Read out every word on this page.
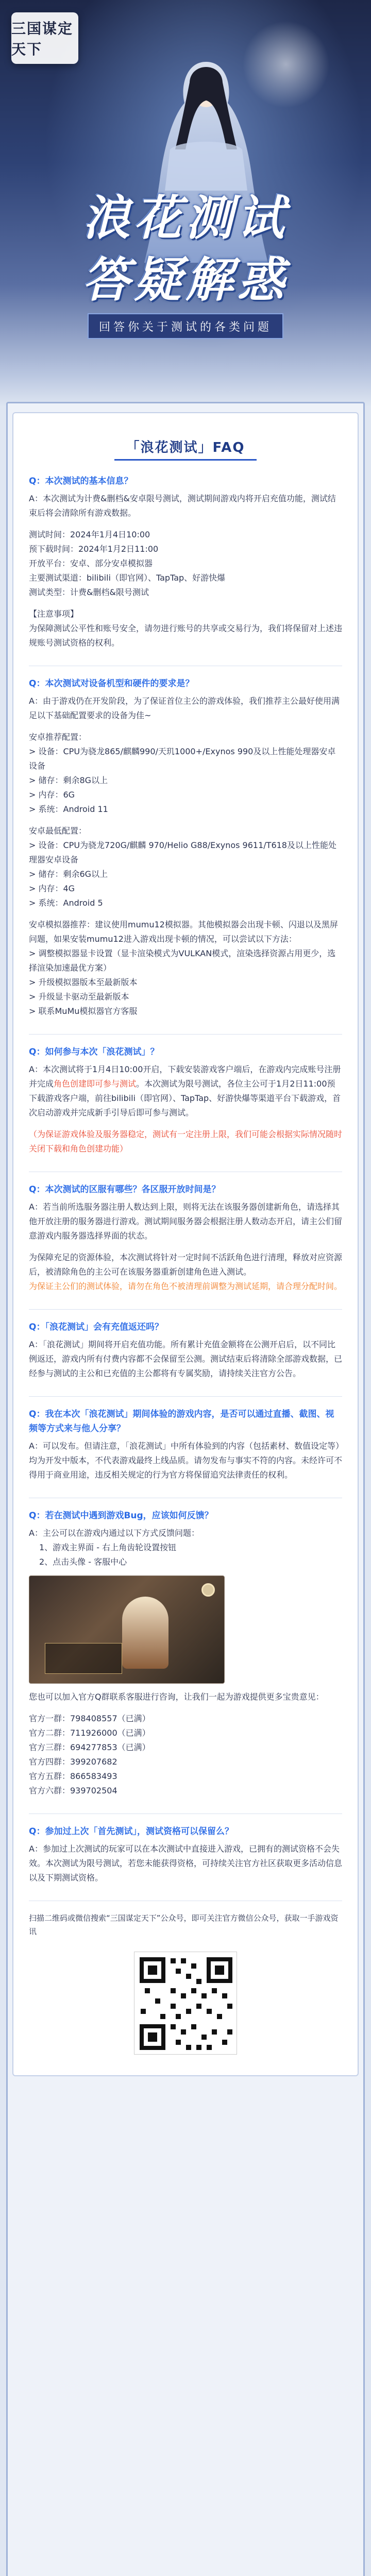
三国谋定天下
浪花测试
答疑解惑
回答你关于测试的各类问题
「浪花测试」FAQ
Q：本次测试的基本信息？
A：本次测试为计费&删档&安卓限号测试，测试期间游戏内将开启充值功能，测试结束后将会清除所有游戏数据。
测试时间：2024年1月4日10:00
预下载时间：2024年1月2日11:00
开放平台：安卓、部分安卓模拟器
主要测试渠道：bilibili（即官网）、TapTap、好游快爆
测试类型：计费&删档&限号测试
【注意事项】
为保障测试公平性和账号安全，请勿进行账号的共享或交易行为，我们将保留对上述违规账号测试资格的权利。
Q：本次测试对设备机型和硬件的要求是？
A：由于游戏仍在开发阶段，为了保证首位主公的游戏体验，我们推荐主公最好使用满足以下基础配置要求的设备为佳~
安卓推荐配置：
> 设备：CPU为骁龙865/麒麟990/天玑1000+/Exynos 990及以上性能处理器安卓设备
> 储存：剩余8G以上
> 内存：6G
> 系统：Android 11
安卓最低配置：
> 设备：CPU为骁龙720G/麒麟 970/Helio G88/Exynos 9611/T618及以上性能处理器安卓设备
> 储存：剩余6G以上
> 内存：4G
> 系统：Android 5
安卓模拟器推荐：建议使用mumu12模拟器。其他模拟器会出现卡顿、闪退以及黑屏问题，如果安装mumu12进入游戏出现卡顿的情况，可以尝试以下方法：
> 调整模拟器显卡设置（显卡渲染模式为VULKAN模式，渲染选择资源占用更少，选择渲染加速最优方案）
> 升级模拟器版本至最新版本
> 升级显卡驱动至最新版本
> 联系MuMu模拟器官方客服
Q：如何参与本次「浪花测试」？
A：本次测试将于1月4日10:00开启，下载安装游戏客户端后，在游戏内完成账号注册并完成角色创建即可参与测试。本次测试为限号测试，各位主公可于1月2日11:00预下载游戏客户端，前往bilibili（即官网）、TapTap、好游快爆等渠道平台下载游戏，首次启动游戏并完成新手引导后即可参与测试。
（为保证游戏体验及服务器稳定，测试有一定注册上限，我们可能会根据实际情况随时关闭下载和角色创建功能）
Q：本次测试的区服有哪些？各区服开放时间是？
A：若当前所选服务器注册人数达到上限，则将无法在该服务器创建新角色，请选择其他开放注册的服务器进行游戏。测试期间服务器会根据注册人数动态开启，请主公们留意游戏内服务器选择界面的状态。
为保障充足的资源体验，本次测试将针对一定时间不活跃角色进行清理，释放对应资源后，被清除角色的主公可在该服务器重新创建角色进入测试。
为保证主公们的测试体验，请勿在角色不被清理前调整为测试延期，请合理分配时间。
Q：「浪花测试」会有充值返还吗？
A：「浪花测试」期间将开启充值功能。所有累计充值金额将在公测开启后，以不同比例返还，游戏内所有付费内容都不会保留至公测。测试结束后将清除全部游戏数据，已经参与测试的主公和已充值的主公都将有专属奖励，请持续关注官方公告。
Q：我在本次「浪花测试」期间体验的游戏内容，是否可以通过直播、截图、视频等方式来与他人分享？
A：可以发布。但请注意，「浪花测试」中所有体验到的内容（包括素材、数值设定等）均为开发中版本，不代表游戏最终上线品质。请勿发布与事实不符的内容。未经许可不得用于商业用途，违反相关规定的行为官方将保留追究法律责任的权利。
Q：若在测试中遇到游戏Bug，应该如何反馈？
A：主公可以在游戏内通过以下方式反馈问题：
1、游戏主界面 - 右上角齿轮设置按钮
2、点击头像 - 客服中心
您也可以加入官方Q群联系客服进行咨询，让我们一起为游戏提供更多宝贵意见：
官方一群：798408557（已满）
官方二群：711926000（已满）
官方三群：694277853（已满）
官方四群：399207682
官方五群：866583493
官方六群：939702504
Q：参加过上次「首先测试」，测试资格可以保留么？
A：参加过上次测试的玩家可以在本次测试中直接进入游戏，已拥有的测试资格不会失效。本次测试为限号测试，若您未能获得资格，可持续关注官方社区获取更多活动信息以及下期测试资格。
扫描二维码或微信搜索“三国谋定天下”公众号，即可关注官方微信公众号，获取一手游戏资讯
